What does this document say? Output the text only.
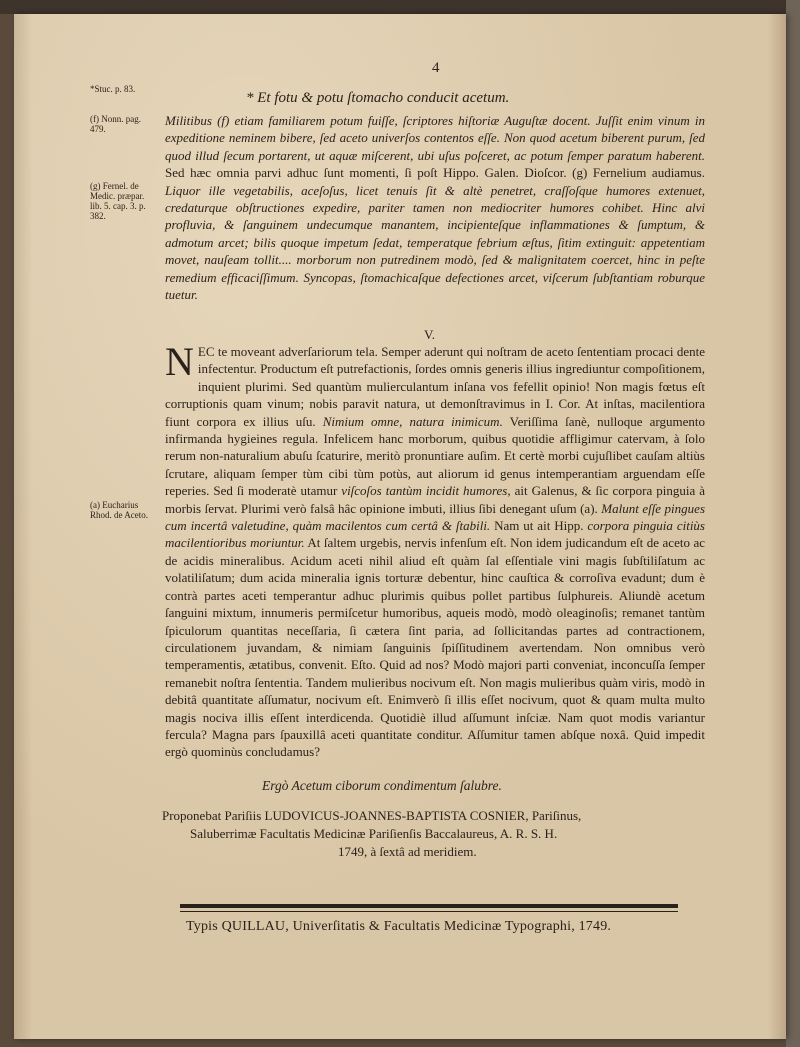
4
*Stuc. p. 83.
* Et fotu & potu ſtomacho conducit acetum.
(f) Nonn. pag. 479.
(g) Fernel. de Medic. præpar. lib. 5. cap. 3. p. 382.
Militibus (f) etiam familiarem potum fuiſſe, ſcriptores hiſtoriæ Auguſtæ docent. Juſſit enim vinum in expeditione neminem bibere, ſed aceto univerſos contentos eſſe. Non quod acetum biberent purum, ſed quod illud ſecum portarent, ut aquæ miſcerent, ubi uſus poſceret, ac potum ſemper paratum haberent. Sed hæc omnia parvi adhuc ſunt momenti, ſi poſt Hippo. Galen. Dioſcor. (g) Fernelium audiamus. Liquor ille vegetabilis, aceſoſus, licet tenuis ſit & altè penetret, craſſoſque humores extenuet, credaturque obſtructiones expedire, pariter tamen non mediocriter humores cohibet. Hinc alvi profluvia, & ſanguinem undecumque manantem, incipienteſque inflammationes & ſumptum, & admotum arcet; bilis quoque impetum ſedat, temperatque febrium æſtus, ſitim extinguit: appetentiam movet, nauſeam tollit.... morborum non putredinem modò, ſed & malignitatem coercet, hinc in peſte remedium efficaciſſimum. Syncopas, ſtomachicaſque defectiones arcet, viſcerum ſubſtantiam roburque tuetur.
V.
NEC te moveant adverſariorum tela. Semper aderunt qui noſtram de aceto ſententiam procaci dente infectentur. Productum eſt putrefactionis, ſordes omnis generis illius ingrediuntur compoſitionem, inquient plurimi. Sed quantùm mulierculantum inſana vos fefellit opinio! Non magis fœtus eſt corruptionis quam vinum; nobis paravit natura, ut demonſtravimus in I. Cor. At inſtas, macilentiora fiunt corpora ex illius uſu. Nimium omne, natura inimicum. Veriſſima ſanè, nulloque argumento infirmanda hygieines regula. Infelicem hanc morborum, quibus quotidie affligimur catervam, à ſolo rerum non-naturalium abuſu ſcaturire, meritò pronuntiare auſim. Et certè morbi cujuſlibet cauſam altiùs ſcrutare, aliquam ſemper tùm cibi tùm potùs, aut aliorum id genus intemperantiam arguendam eſſe reperies. Sed ſi moderatè utamur viſcoſos tantùm incidit humores, ait Galenus, & ſic corpora pinguia à morbis ſervat. Plurimi verò falsâ hâc opinione imbuti, illius ſibi denegant uſum (a). Malunt eſſe pingues cum incertâ valetudine, quàm macilentos cum certâ & ſtabili. Nam ut ait Hipp. corpora pinguia citiùs macilentioribus moriuntur. At ſaltem urgebis, nervis infenſum eſt. Non idem judicandum eſt de aceto ac de acidis mineralibus. Acidum aceti nihil aliud eſt quàm ſal eſſentiale vini magis ſubſtiliſatum ac volatiliſatum; dum acida mineralia ignis torturæ debentur, hinc cauſtica & corroſiva evadunt; dum è contrà partes aceti temperantur adhuc plurimis quibus pollet partibus ſulphureis. Aliundè acetum ſanguini mixtum, innumeris permiſcetur humoribus, aqueis modò, modò oleaginoſis; remanet tantùm ſpiculorum quantitas neceſſaria, ſi cætera ſint paria, ad ſollicitandas partes ad contractionem, circulationem juvandam, & nimiam ſanguinis ſpiſſitudinem avertendam. Non omnibus verò temperamentis, ætatibus, convenit. Eſto. Quid ad nos? Modò majori parti conveniat, inconcuſſa ſemper remanebit noſtra ſententia. Tandem mulieribus nocivum eſt. Non magis mulieribus quàm viris, modò in debitâ quantitate aſſumatur, nocivum eſt. Enimverò ſi illis eſſet nocivum, quot & quam multa multo magis nociva illis eſſent interdicenda. Quotidiè illud aſſumunt inſciæ. Nam quot modis variantur fercula? Magna pars ſpauxillâ aceti quantitate conditur. Aſſumitur tamen abſque noxâ. Quid impedit ergò quominùs concludamus?
(a) Eucharius Rhod. de Aceto.
Ergò Acetum ciborum condimentum ſalubre.
Proponebat Pariſiis LUDOVICUS-JOANNES-BAPTISTA COSNIER, Pariſinus,
Saluberrimæ Facultatis Medicinæ Pariſienſis Baccalaureus, A. R. S. H.
1749, à ſextâ ad meridiem.
Typis QUILLAU, Univerſitatis & Facultatis Medicinæ Typographi, 1749.
